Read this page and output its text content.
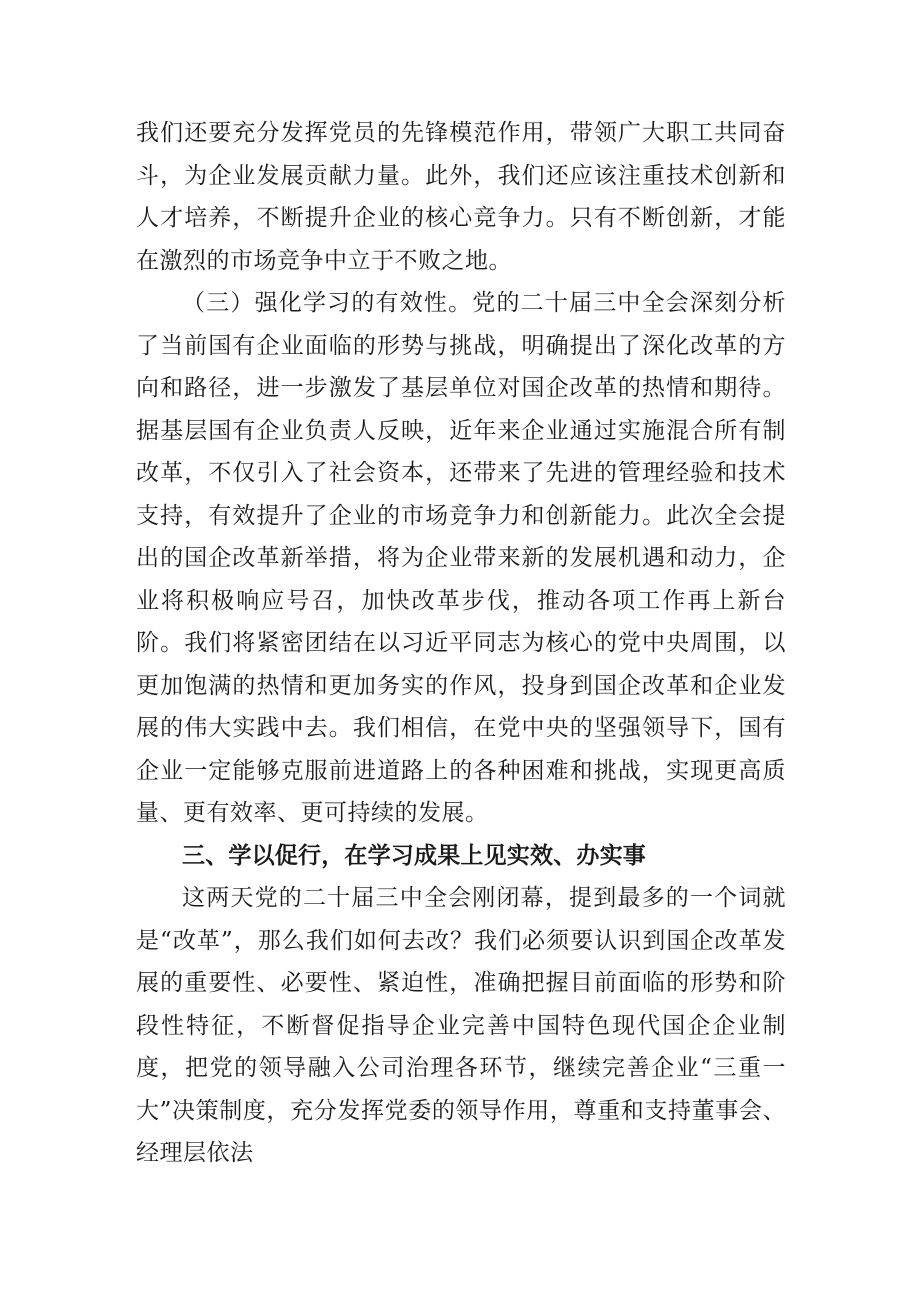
我们还要充分发挥党员的先锋模范作用，带领广大职工共同奋斗，为企业发展贡献力量。此外，我们还应该注重技术创新和人才培养，不断提升企业的核心竞争力。只有不断创新，才能在激烈的市场竞争中立于不败之地。

（三）强化学习的有效性。党的二十届三中全会深刻分析了当前国有企业面临的形势与挑战，明确提出了深化改革的方向和路径，进一步激发了基层单位对国企改革的热情和期待。据基层国有企业负责人反映，近年来企业通过实施混合所有制改革，不仅引入了社会资本，还带来了先进的管理经验和技术支持，有效提升了企业的市场竞争力和创新能力。此次全会提出的国企改革新举措，将为企业带来新的发展机遇和动力，企业将积极响应号召，加快改革步伐，推动各项工作再上新台阶。我们将紧密团结在以习近平同志为核心的党中央周围，以更加饱满的热情和更加务实的作风，投身到国企改革和企业发展的伟大实践中去。我们相信，在党中央的坚强领导下，国有企业一定能够克服前进道路上的各种困难和挑战，实现更高质量、更有效率、更可持续的发展。

三、学以促行，在学习成果上见实效、办实事

这两天党的二十届三中全会刚闭幕，提到最多的一个词就是“改革”，那么我们如何去改？我们必须要认识到国企改革发展的重要性、必要性、紧迫性，准确把握目前面临的形势和阶段性特征，不断督促指导企业完善中国特色现代国企企业制度，把党的领导融入公司治理各环节，继续完善企业“三重一大”决策制度，充分发挥党委的领导作用，尊重和支持董事会、经理层依法
